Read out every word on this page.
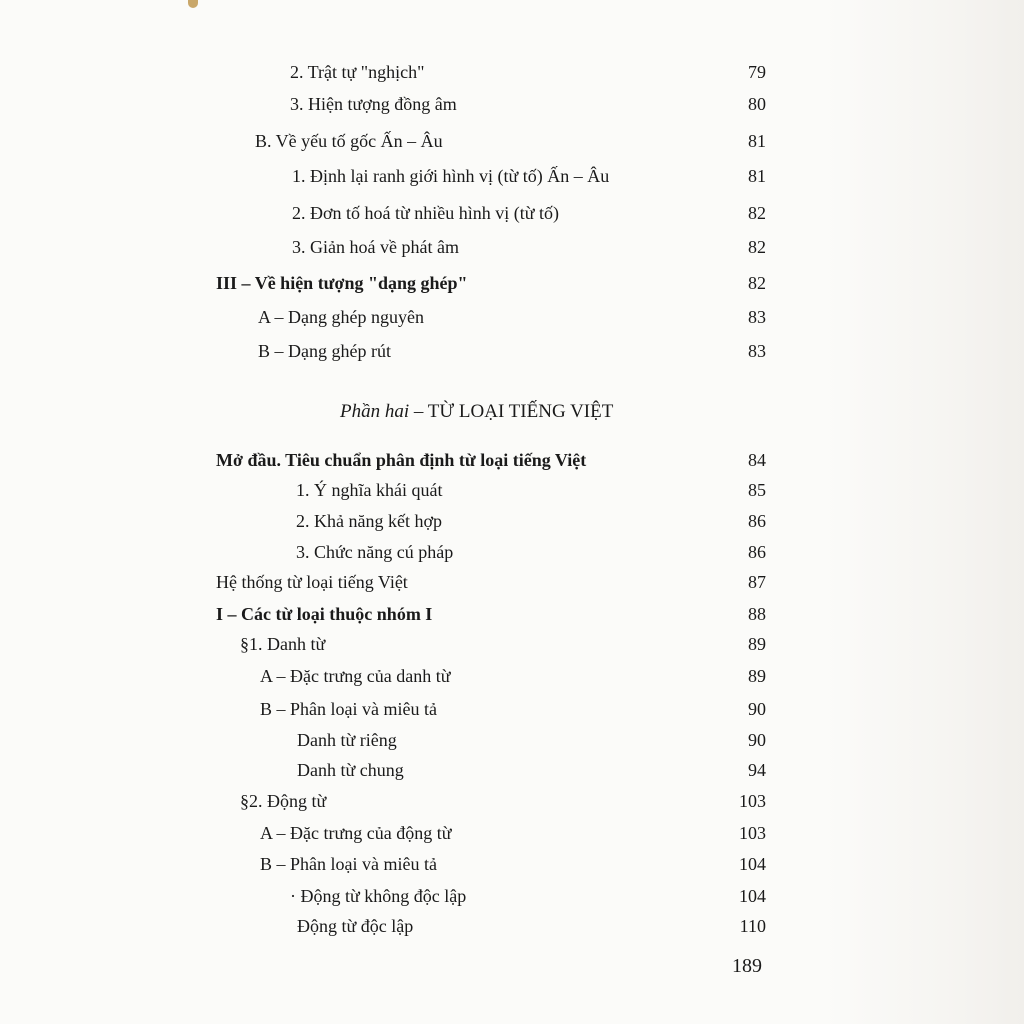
2. Trật tự "nghịch"	79
3. Hiện tượng đồng âm	80
B. Về yếu tố gốc Ấn – Âu	81
1. Định lại ranh giới hình vị (từ tố) Ấn – Âu	81
2. Đơn tố hoá từ nhiều hình vị (từ tố)	82
3. Giản hoá về phát âm	82
III – Về hiện tượng "dạng ghép"	82
A – Dạng ghép nguyên	83
B – Dạng ghép rút	83
Mở đầu. Tiêu chuẩn phân định từ loại tiếng Việt	84
1. Ý nghĩa khái quát	85
2. Khả năng kết hợp	86
3. Chức năng cú pháp	86
Hệ thống từ loại tiếng Việt	87
I – Các từ loại thuộc nhóm I	88
§1. Danh từ	89
A – Đặc trưng của danh từ	89
B – Phân loại và miêu tả	90
Danh từ riêng	90
Danh từ chung	94
§2. Động từ	103
A – Đặc trưng của động từ	103
B – Phân loại và miêu tả	104
· Động từ không độc lập	104
Động từ độc lập	110
Phần hai – TỪ LOẠI TIẾNG VIỆT
189
